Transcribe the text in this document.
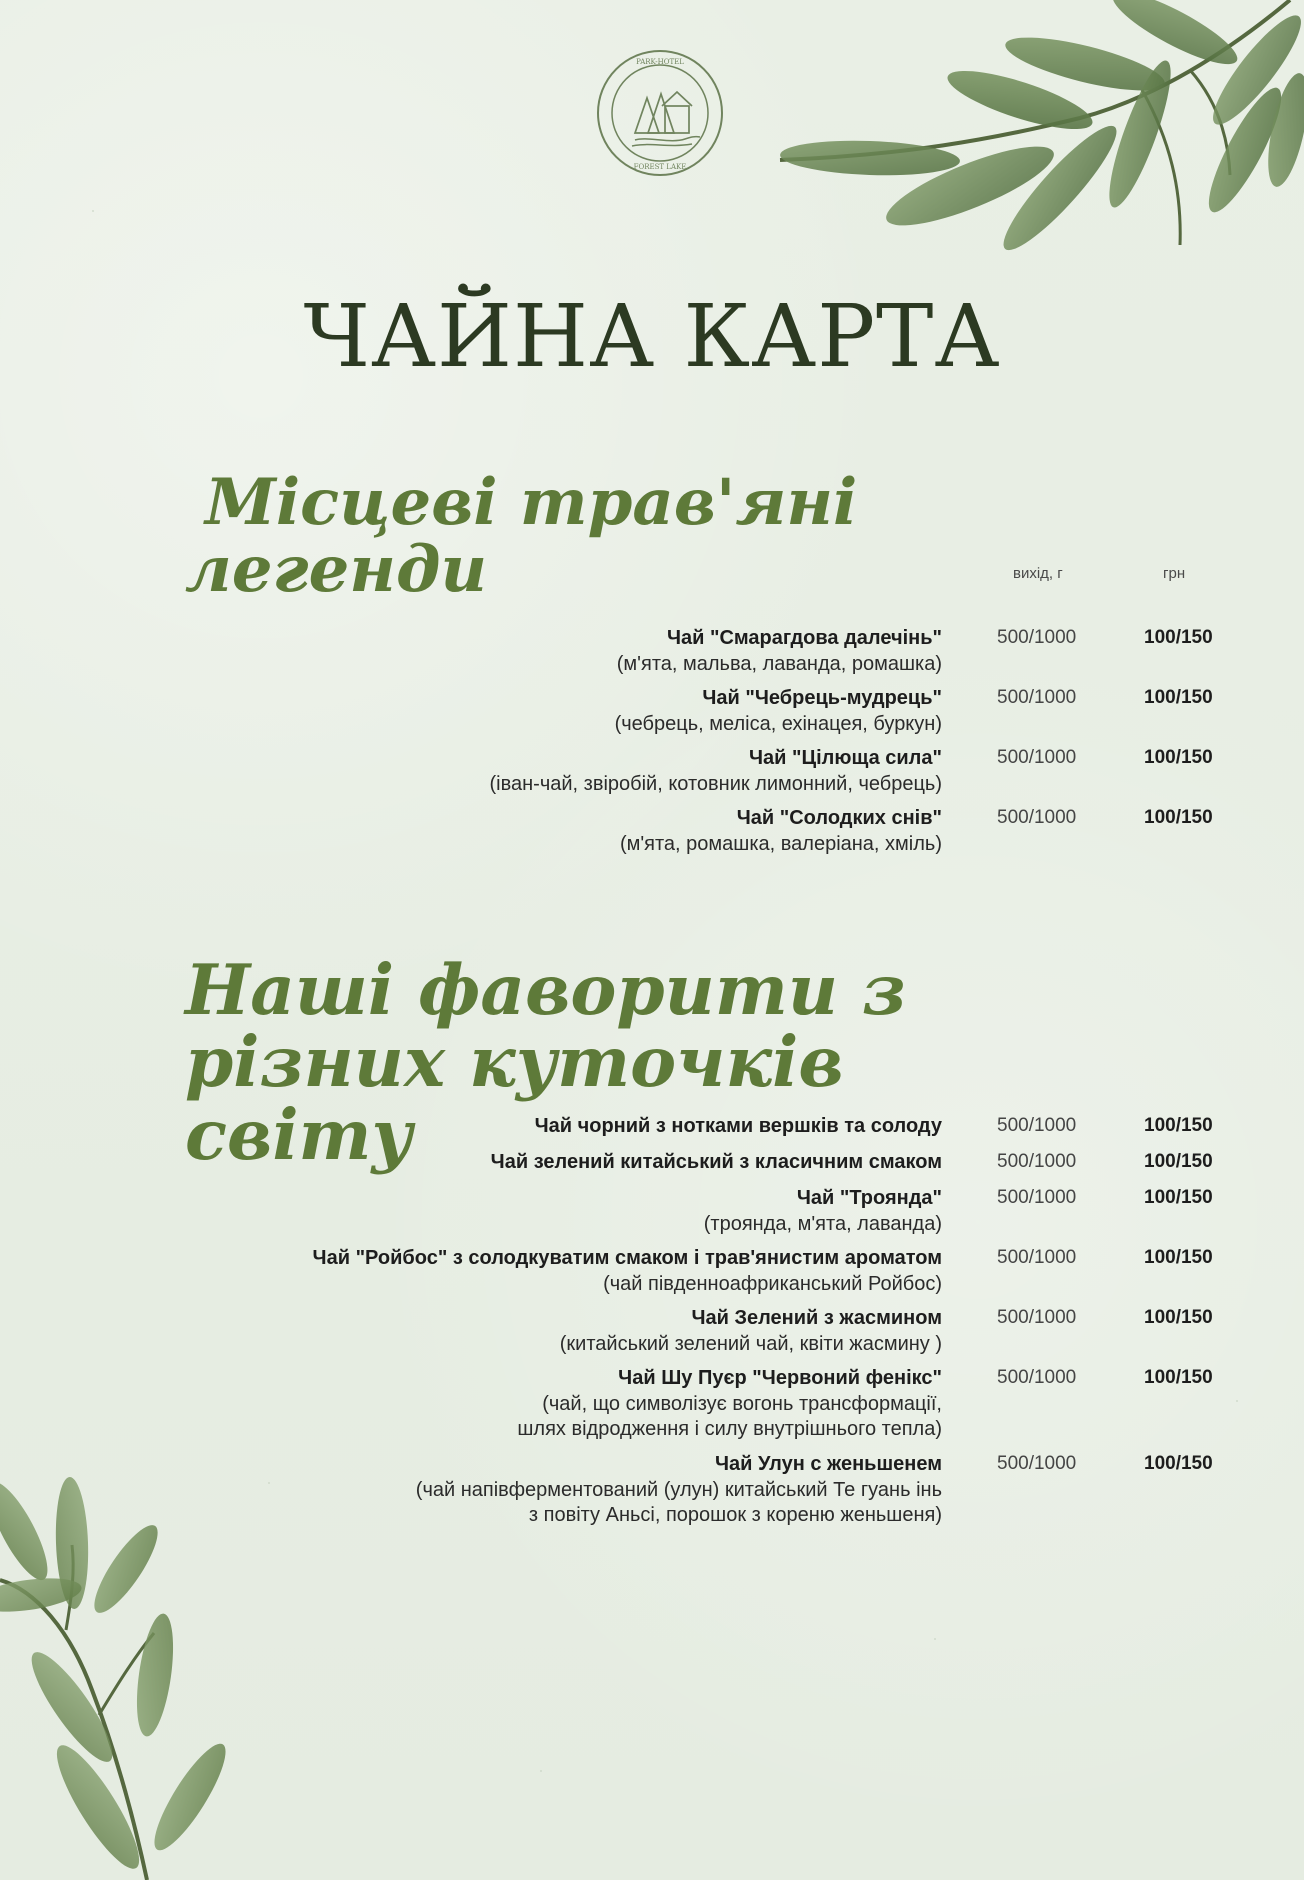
PARK-HOTEL
FOREST LAKE
ЧАЙНА КАРТА
Місцеві трав'яні
легенди	вихід, г	грн
Чай "Смарагдова далечінь"
(м'ята, мальва, лаванда, ромашка)
500/1000	100/150
Чай "Чебрець-мудрець"
(чебрець, меліса, ехінацея, буркун)
500/1000	100/150
Чай "Цілюща сила"
(іван-чай, звіробій, котовник лимонний, чебрець)
500/1000	100/150
Чай "Солодких снів"
(м'ята, ромашка, валеріана, хміль)
500/1000	100/150
Наші фаворити з
різних куточків світу	Чай чорний з нотками вершків та солоду	500/1000	100/150
Чай зелений китайський з класичним смаком	500/1000	100/150
Чай "Троянда"
(троянда, м'ята, лаванда)
500/1000	100/150
Чай "Ройбос" з солодкуватим смаком і трав'янистим ароматом
(чай південноафриканський Ройбос)
500/1000	100/150
Чай Зелений з жасмином
(китайський зелений чай, квіти жасмину )
500/1000	100/150
Чай Шу Пуєр "Червоний фенікс"
(чай, що символізує вогонь трансформації,
шлях відродження і силу внутрішнього тепла)
500/1000	100/150
Чай Улун с женьшенем
(чай напівферментований (улун) китайський Те гуань інь
з повіту Аньсі, порошок з кореню женьшеня)
500/1000	100/150
